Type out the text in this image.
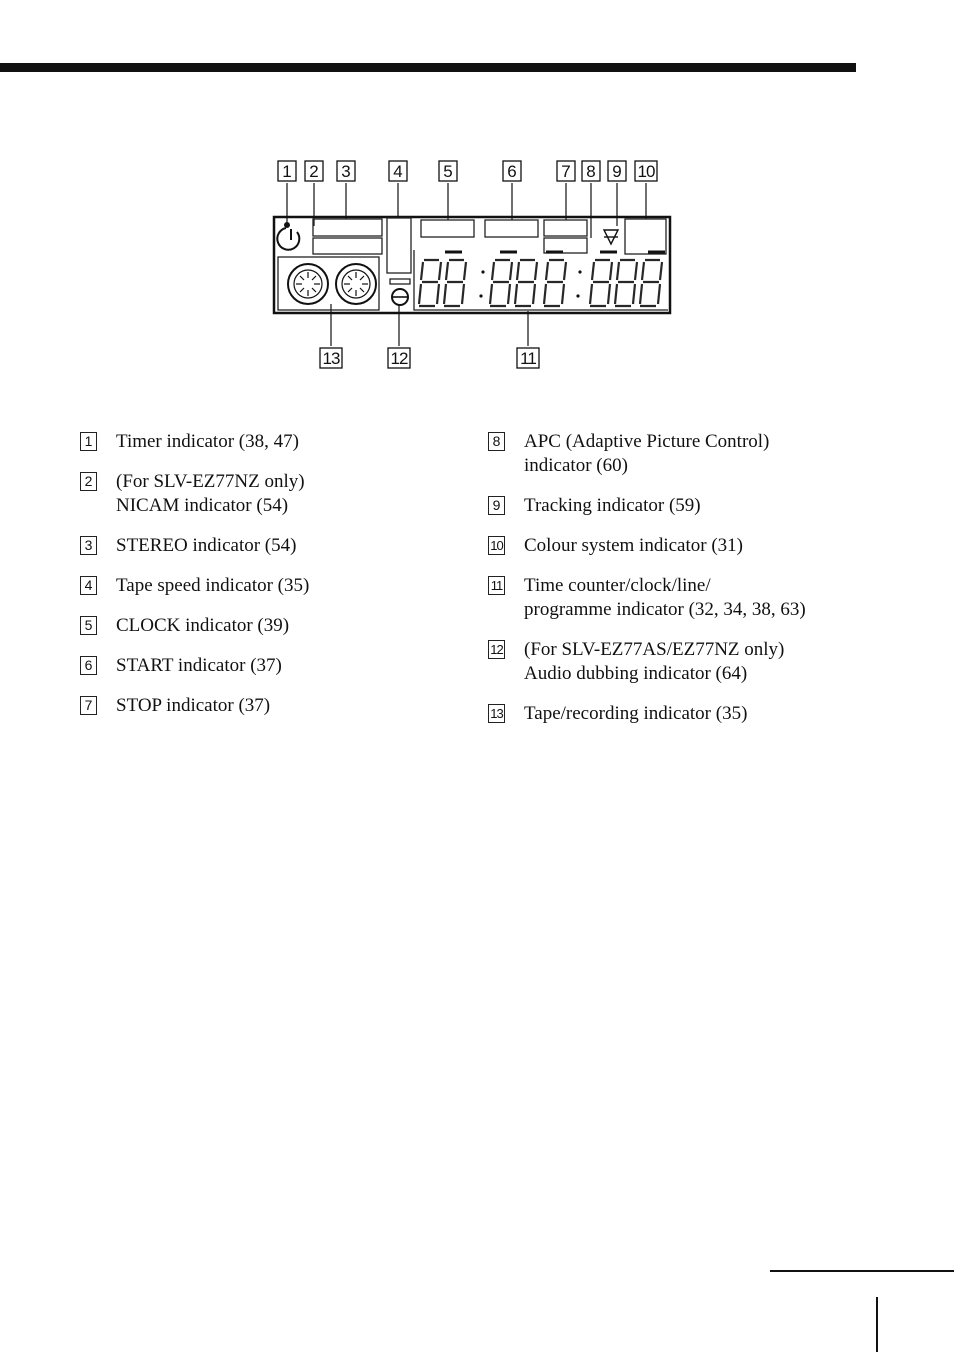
1 2 3	4 5	6	7 8 9 10
11
12
13
1 Timer indicator (38, 47)
2 (For SLV-EZ77NZ only)
NICAM indicator (54)
3 STEREO indicator (54)
4 Tape speed indicator (35)
5 CLOCK indicator (39)
6 START indicator (37)
7 STOP indicator (37)
8 APC (Adaptive Picture Control)
indicator (60)
9 Tracking indicator (59)
10 Colour system indicator (31)
11 Time counter/clock/line/
programme indicator (32, 34, 38, 63)
12 (For SLV-EZ77AS/EZ77NZ only)
Audio dubbing indicator (64)
13 Tape/recording indicator (35)
